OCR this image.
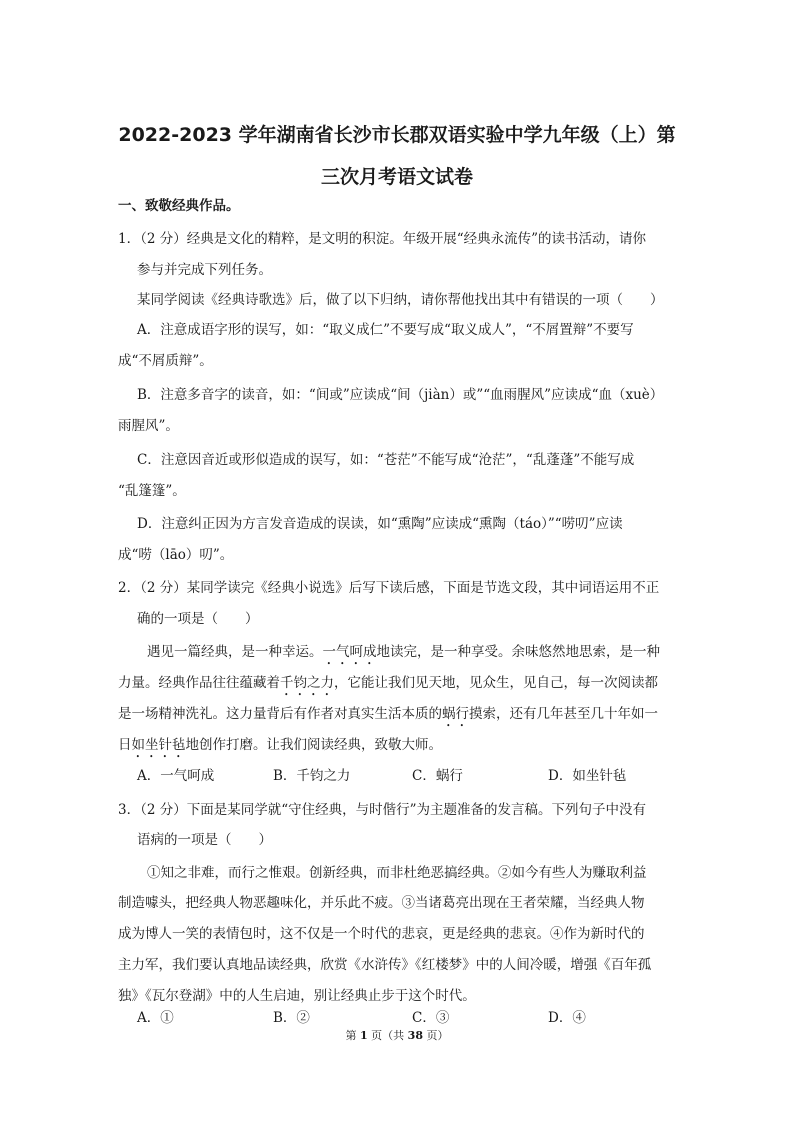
2022-2023 学年湖南省长沙市长郡双语实验中学九年级（上）第
三次月考语文试卷
一、致敬经典作品。
1．（2 分）经典是文化的精粹，是文明的积淀。年级开展“经典永流传”的读书活动，请你
参与并完成下列任务。
某同学阅读《经典诗歌选》后，做了以下归纳，请你帮他找出其中有错误的一项（　　）
A．注意成语字形的误写，如：“取义成仁”不要写成“取义成人”，“不屑置辩”不要写
成“不屑质辩”。
B．注意多音字的读音，如：“间或”应读成“间（jiàn）或”“血雨腥风”应读成“血（xuè）
雨腥风”。
C．注意因音近或形似造成的误写，如：“苍茫”不能写成“沧茫”，“乱蓬蓬”不能写成
“乱篷篷”。
D．注意纠正因为方言发音造成的误读，如“熏陶”应读成“熏陶（táo）”“唠叨”应读
成“唠（lāo）叨”。
2．（2 分）某同学读完《经典小说选》后写下读后感，下面是节选文段，其中词语运用不正
确的一项是（　　）
遇见一篇经典，是一种幸运。一气呵成地读完，是一种享受。余味悠然地思索，是一种
力量。经典作品往往蕴藏着千钧之力，它能让我们见天地，见众生，见自己，每一次阅读都
是一场精神洗礼。这力量背后有作者对真实生活本质的蜗行摸索，还有几年甚至几十年如一
日如坐针毡地创作打磨。让我们阅读经典，致敬大师。
A．一气呵成	B．千钧之力	C．蜗行	D．如坐针毡
3．（2 分）下面是某同学就“守住经典，与时偕行”为主题准备的发言稿。下列句子中没有
语病的一项是（　　）
①知之非难，而行之惟艰。创新经典，而非杜绝恶搞经典。②如今有些人为赚取利益
制造噱头，把经典人物恶趣味化，并乐此不疲。③当诸葛亮出现在王者荣耀，当经典人物
成为博人一笑的表情包时，这不仅是一个时代的悲哀，更是经典的悲哀。④作为新时代的
主力军，我们要认真地品读经典，欣赏《水浒传》《红楼梦》中的人间冷暖，增强《百年孤
独》《瓦尔登湖》中的人生启迪，别让经典止步于这个时代。
A．①	B．②	C．③	D．④
第 1 页（共 38 页）
